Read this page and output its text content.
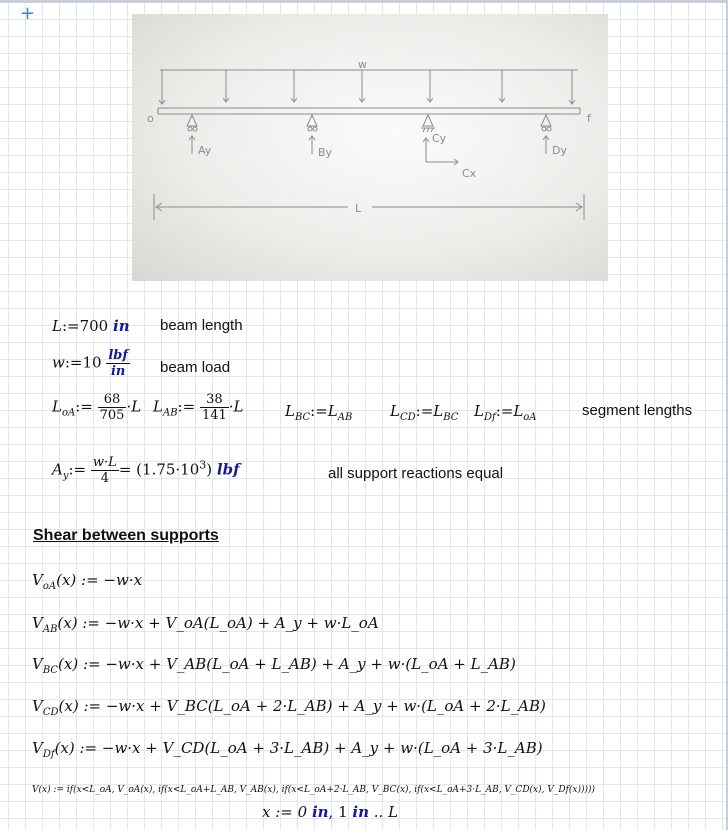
+
w
o	f
Ay	By
Cy
Dy
Cx
L
L:=700 in beam length
w:=10 $\frac{\text{lbf}}{in}$ beam load
$L_{oA}:= \frac{68}{705} \cdot L$ $L_{AB}:= \frac{38}{141} \cdot L$	$L_{BC}:=L_{AB}$	$L_{CD}:=L_{BC}$ $L_{Df}:=L_{oA}$	segment lengths
$A_y:= \frac{w\cdot L}{4} = (1.75\cdot 10^3)$ lbf	all support reactions equal
Shear between supports
$V_{oA}(x)$ := −w·x
$V_{AB}(x)$ := −w·x + V_oA(L_oA) + A_y + w·L_oA
$V_{BC}(x)$ := −w·x + V_AB(L_oA + L_AB) + A_y + w·(L_oA + L_AB)
$V_{CD}(x)$ := −w·x + V_BC(L_oA + 2·L_AB) + A_y + w·(L_oA + 2·L_AB)
$V_{Df}(x)$ := −w·x + V_CD(L_oA + 3·L_AB) + A_y + w·(L_oA + 3·L_AB)
V(x) := if(x<L_oA, V_oA(x), if(x<L_oA+L_AB, V_AB(x), if(x<L_oA+2·L_AB, V_BC(x), if(x<L_oA+3·L_AB, V_CD(x), V_Df(x)))))
x := 0 in, 1 in .. L
